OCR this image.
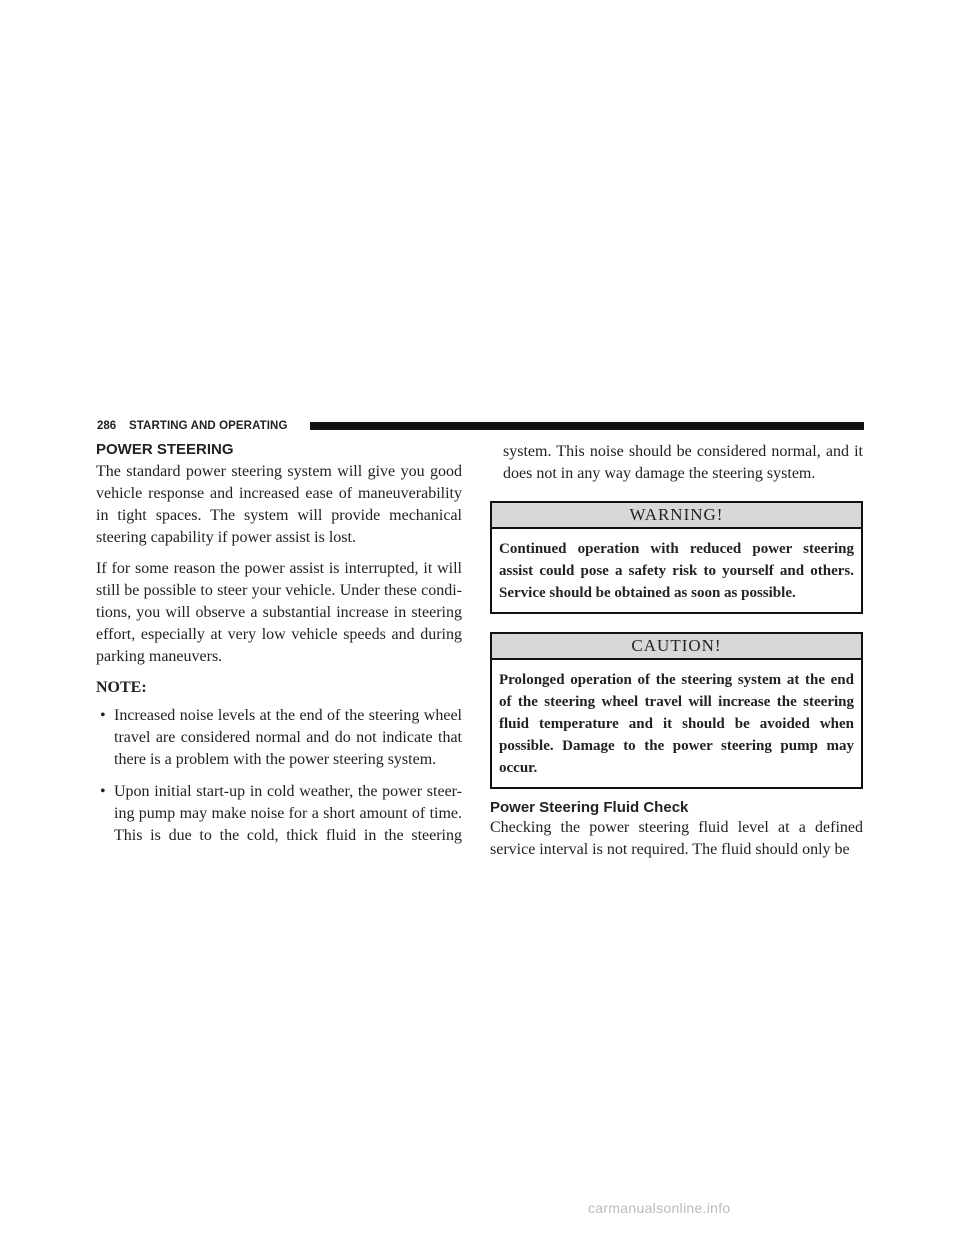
286 STARTING AND OPERATING
POWER STEERING

The standard power steering system will give you good vehicle response and increased ease of maneuverability in tight spaces. The system will provide mechanical steering capability if power assist is lost.

If for some reason the power assist is interrupted, it will still be possible to steer your vehicle. Under these condi- tions, you will observe a substantial increase in steering effort, especially at very low vehicle speeds and during parking maneuvers.

NOTE:
• Increased noise levels at the end of the steering wheel travel are considered normal and do not indicate that there is a problem with the power steering system.

• Upon initial start-up in cold weather, the power steer- ing pump may make noise for a short amount of time. This is due to the cold, thick fluid in the steering

system. This noise should be considered normal, and it does not in any way damage the steering system.

WARNING!
Continued operation with reduced power steering assist could pose a safety risk to yourself and others. Service should be obtained as soon as possible.
CAUTION!
Prolonged operation of the steering system at the end of the steering wheel travel will increase the steering fluid temperature and it should be avoided when possible. Damage to the power steering pump may occur.
Power Steering Fluid Check

Checking the power steering fluid level at a defined service interval is not required. The fluid should only be

carmanualsonline.info
